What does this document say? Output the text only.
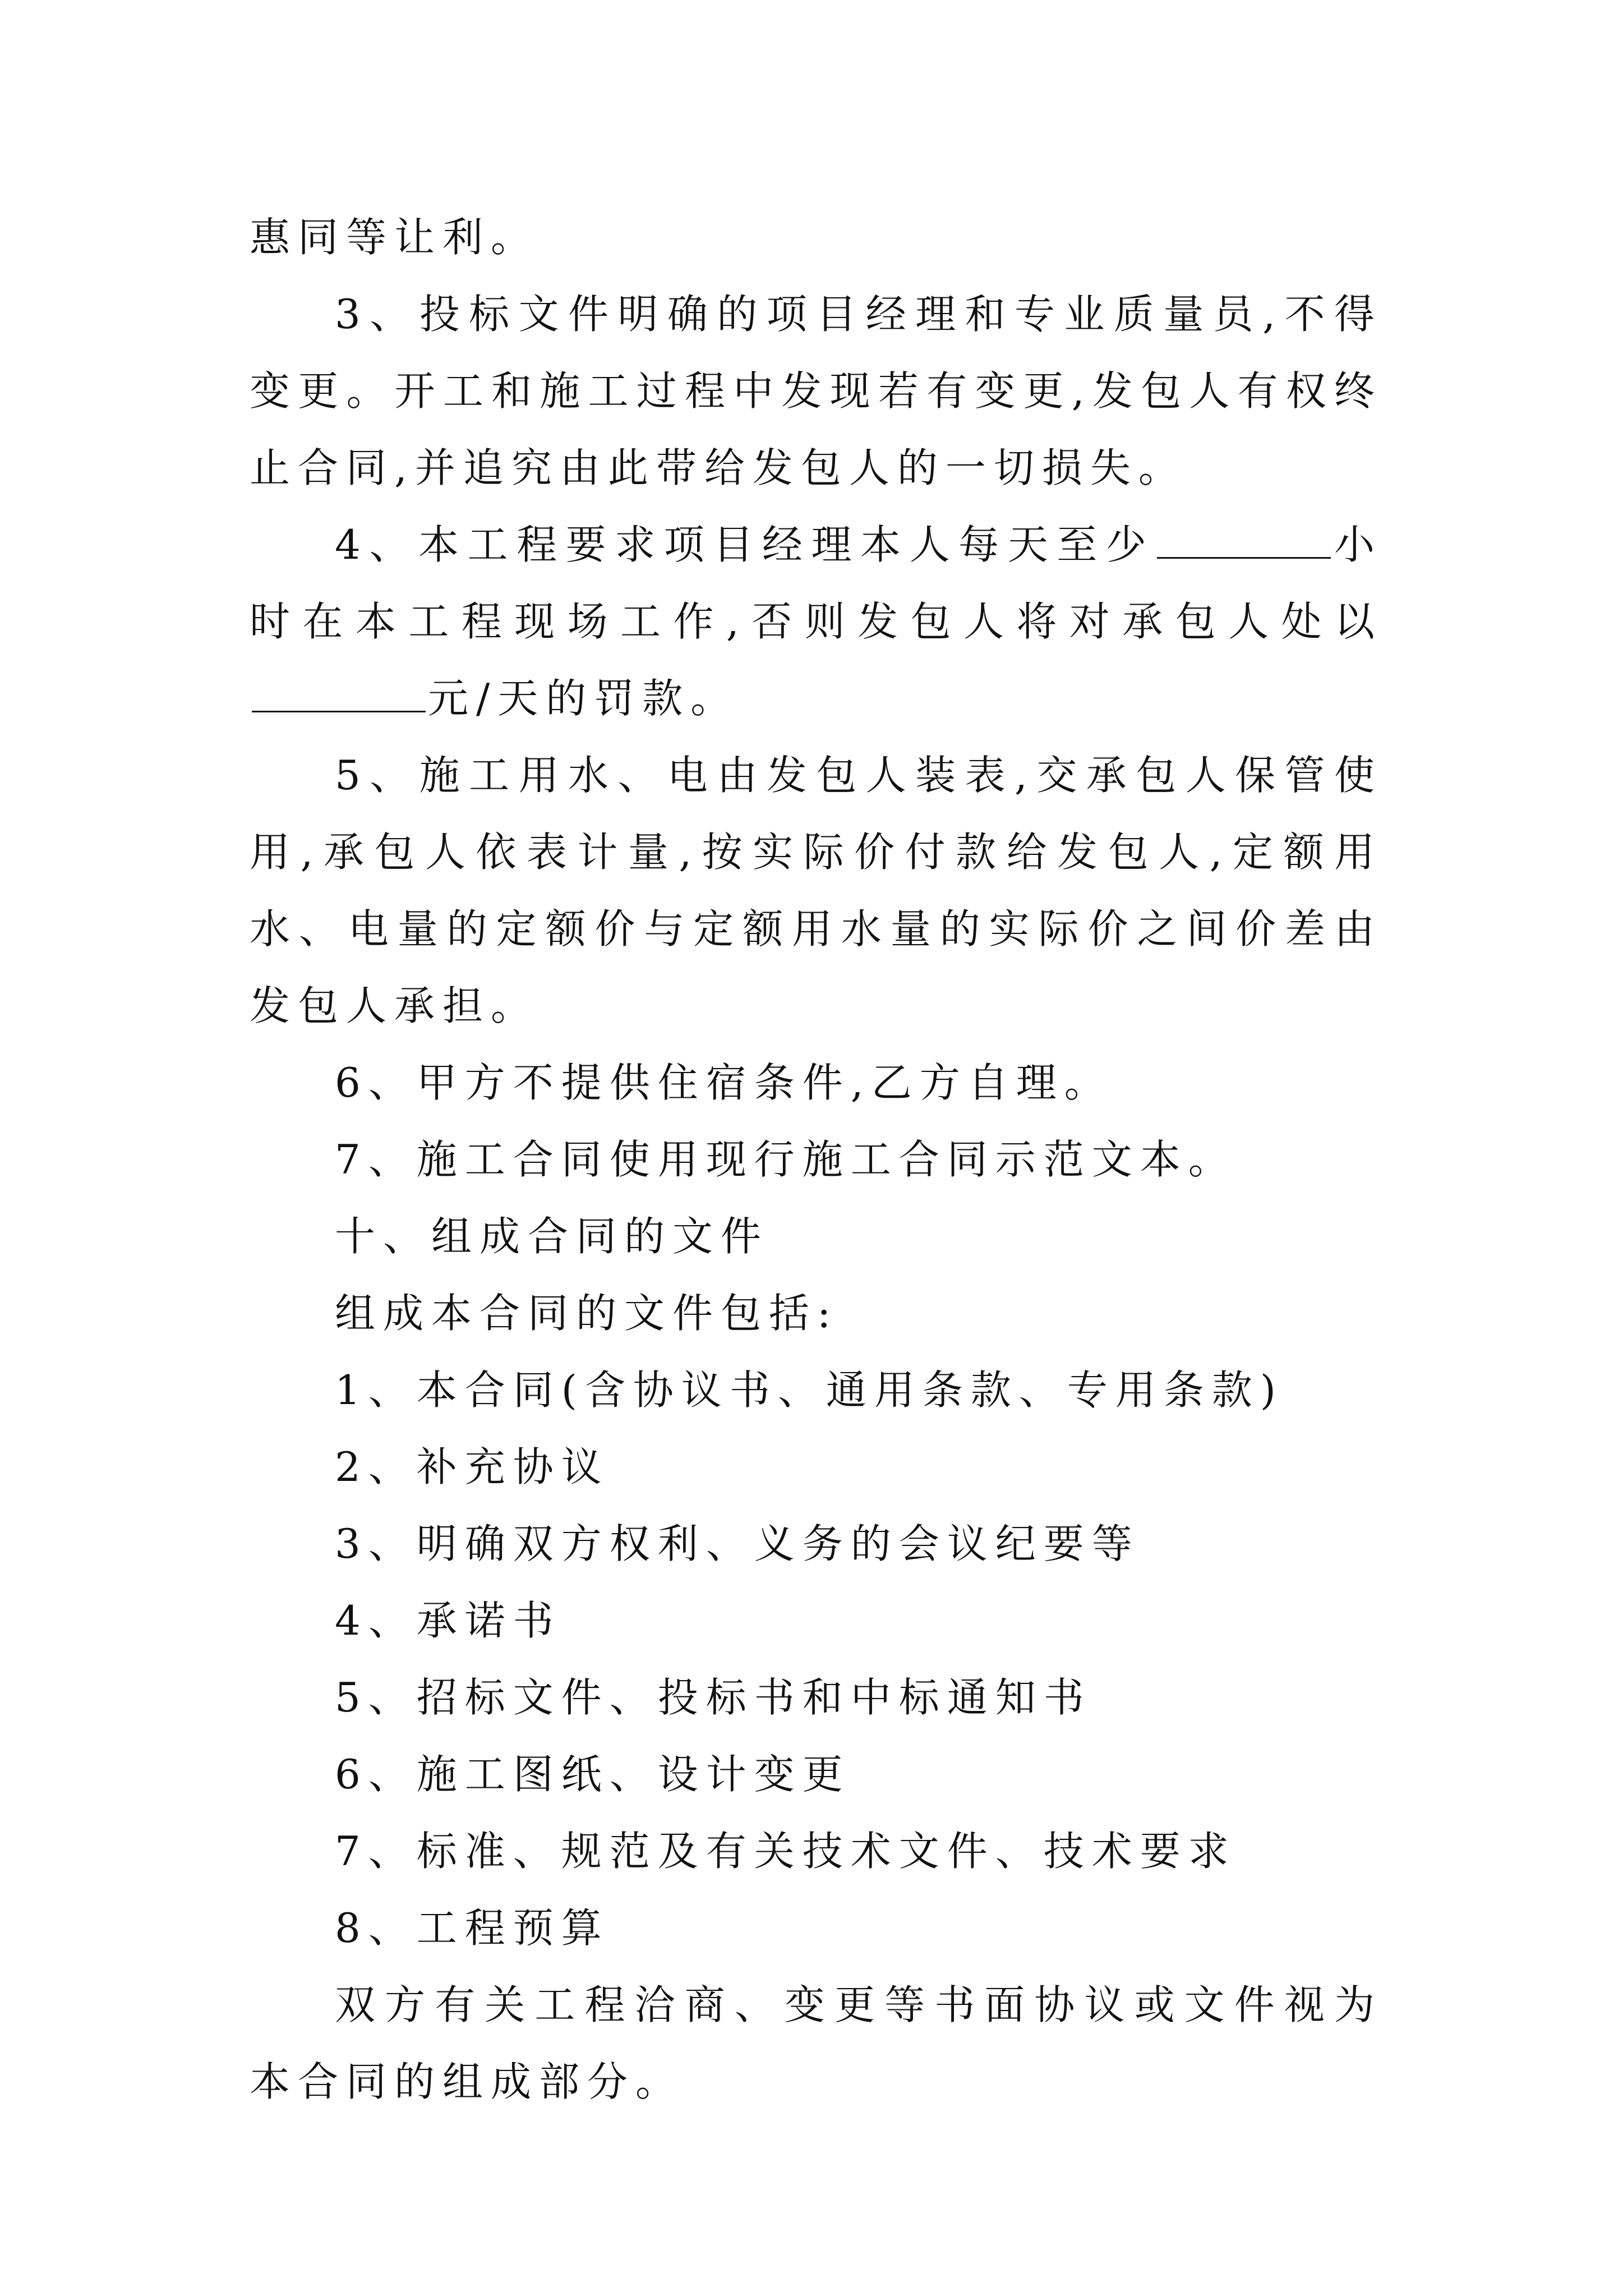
惠同等让利。

3、投标文件明确的项目经理和专业质量员,不得变更。开工和施工过程中发现若有变更,发包人有权终止合同,并追究由此带给发包人的一切损失。

4、本工程要求项目经理本人每天至少	小时在本工程现场工作,否则发包人将对承包人处以元/天的罚款。

5、施工用水、电由发包人装表,交承包人保管使用,承包人依表计量,按实际价付款给发包人,定额用水、电量的定额价与定额用水量的实际价之间价差由发包人承担。

6、甲方不提供住宿条件,乙方自理。

7、施工合同使用现行施工合同示范文本。

十、组成合同的文件

组成本合同的文件包括:

1、本合同(含协议书、通用条款、专用条款)

2、补充协议

3、明确双方权利、义务的会议纪要等

4、承诺书

5、招标文件、投标书和中标通知书

6、施工图纸、设计变更

7、标准、规范及有关技术文件、技术要求

8、工程预算

双方有关工程洽商、变更等书面协议或文件视为本合同的组成部分。
